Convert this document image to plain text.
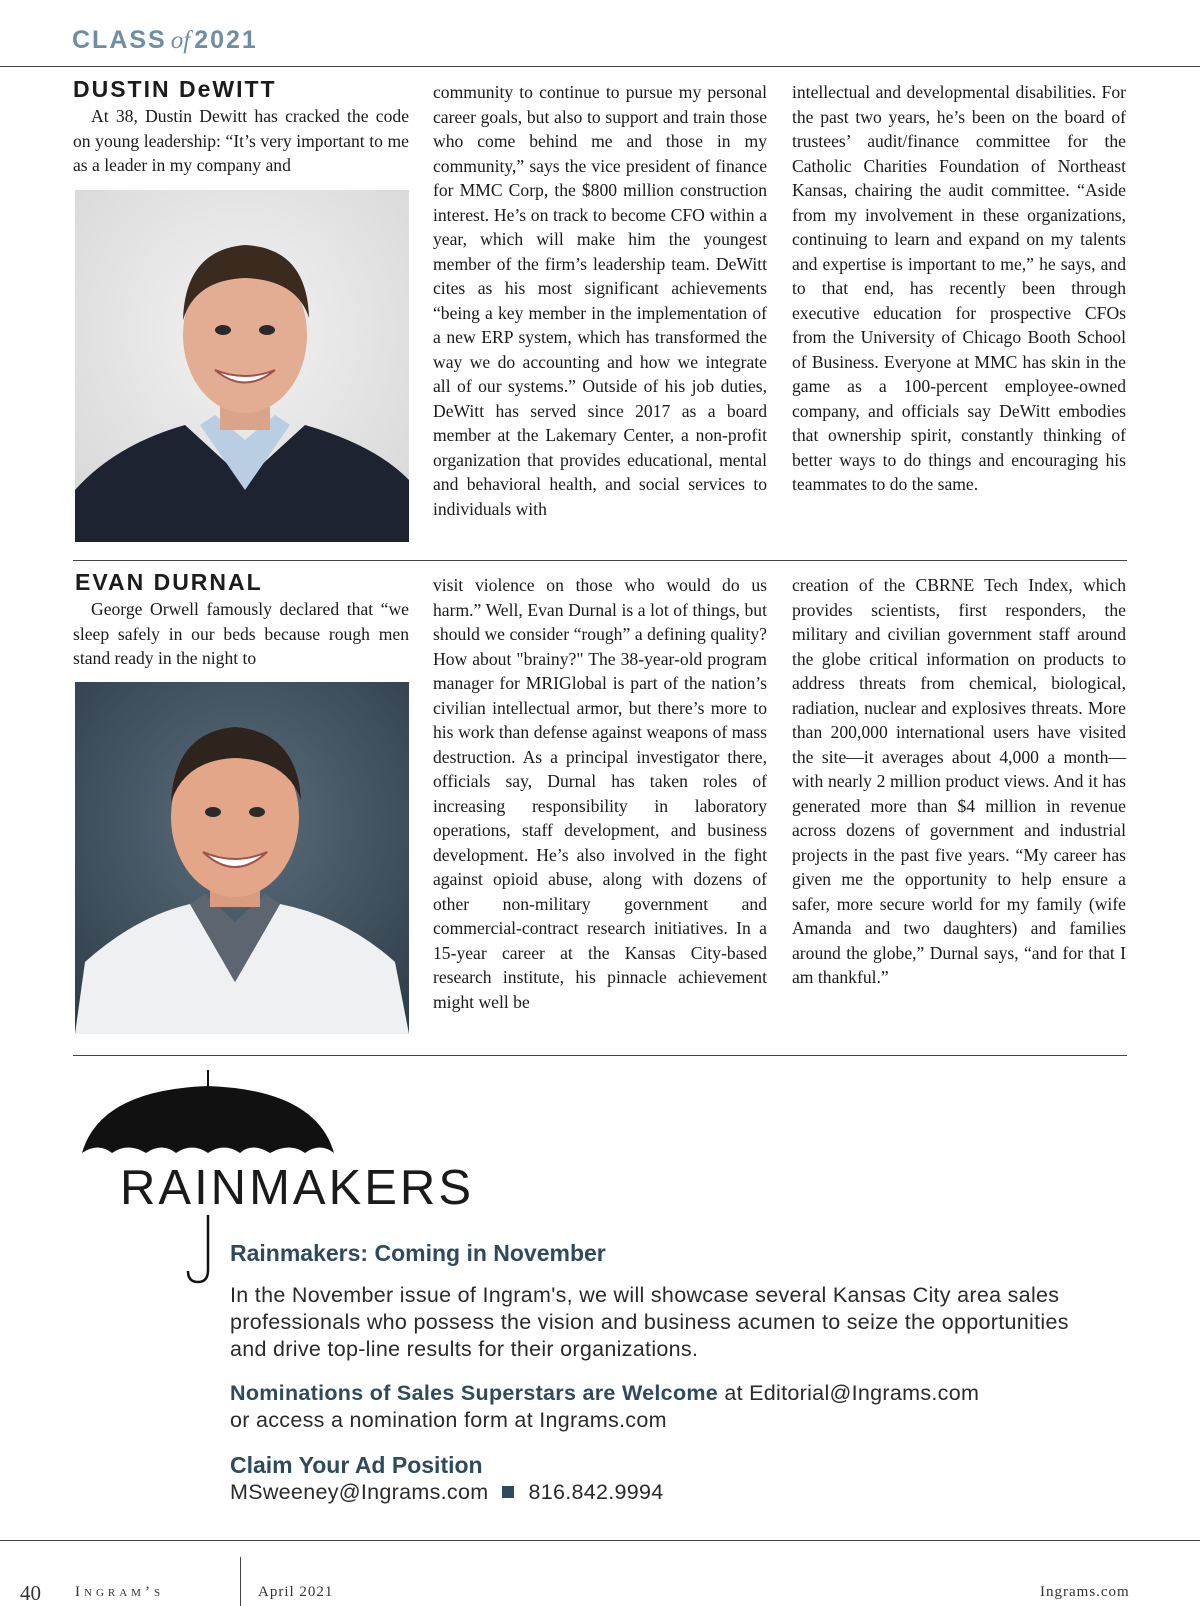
CLASS of 2021
DUSTIN DeWITT

At 38, Dustin Dewitt has cracked the code on young leadership: “It’s very important to me as a leader in my company and

community to continue to pursue my personal career goals, but also to support and train those who come behind me and those in my community,” says the vice president of finance for MMC Corp, the $800 million construction interest. He’s on track to become CFO within a year, which will make him the youngest member of the firm’s leadership team. DeWitt cites as his most significant achievements “being a key member in the implementation of a new ERP system, which has transformed the way we do accounting and how we integrate all of our systems.” Outside of his job duties, DeWitt has served since 2017 as a board member at the Lakemary Center, a non-profit organization that provides educational, mental and behavioral health, and social services to individuals with

intellectual and developmental disabilities. For the past two years, he’s been on the board of trustees’ audit/finance committee for the Catholic Charities Foundation of Northeast Kansas, chairing the audit committee. “Aside from my involvement in these organizations, continuing to learn and expand on my talents and expertise is important to me,” he says, and to that end, has recently been through executive education for prospective CFOs from the University of Chicago Booth School of Business. Everyone at MMC has skin in the game as a 100-percent employee-owned company, and officials say DeWitt embodies that ownership spirit, constantly thinking of better ways to do things and encouraging his teammates to do the same.

EVAN DURNAL

George Orwell famously declared that “we sleep safely in our beds because rough men stand ready in the night to

visit violence on those who would do us harm.” Well, Evan Durnal is a lot of things, but should we consider “rough” a defining quality? How about "brainy?" The 38-year-old program manager for MRIGlobal is part of the nation’s civilian intellectual armor, but there’s more to his work than defense against weapons of mass destruction. As a principal investigator there, officials say, Durnal has taken roles of increasing responsibility in laboratory operations, staff development, and business development. He’s also involved in the fight against opioid abuse, along with dozens of other non-military government and commercial-contract research initiatives. In a 15-year career at the Kansas City-based research institute, his pinnacle achievement might well be

creation of the CBRNE Tech Index, which provides scientists, first responders, the military and civilian government staff around the globe critical information on products to address threats from chemical, biological, radiation, nuclear and explosives threats. More than 200,000 international users have visited the site—it averages about 4,000 a month—with nearly 2 million product views. And it has generated more than $4 million in revenue across dozens of government and industrial projects in the past five years. “My career has given me the opportunity to help ensure a safer, more secure world for my family (wife Amanda and two daughters) and families around the globe,” Durnal says, “and for that I am thankful.”

RAINMAKERS
Rainmakers: Coming in November
In the November issue of Ingram's, we will showcase several Kansas City area sales professionals who possess the vision and business acumen to seize the opportunities and drive top-line results for their organizations.
Nominations of Sales Superstars are Welcome at Editorial@Ingrams.com
or access a nomination form at Ingrams.com
Claim Your Ad Position
MSweeney@Ingrams.com 816.842.9994
40 Ingram’s	April 2021	Ingrams.com
